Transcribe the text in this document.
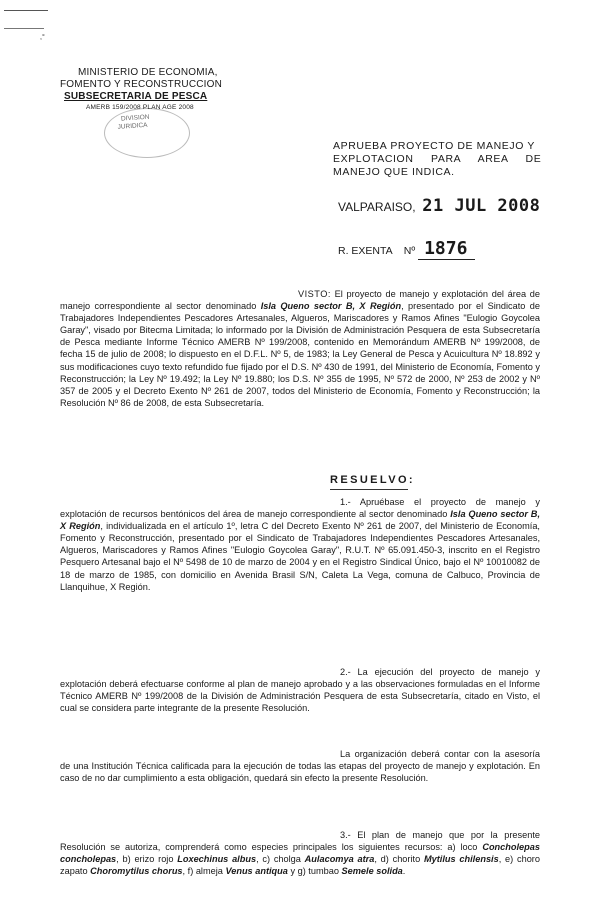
,°
MINISTERIO DE ECONOMIA,
FOMENTO Y RECONSTRUCCION
SUBSECRETARIA DE PESCA
AMERB 159/2008 PLAN AGE 2008
DIVISION
JURIDICA
APRUEBA PROYECTO DE MANEJO Y
EXPLOTACION PARA AREA DE
MANEJO QUE INDICA.
VALPARAISO, 21 JUL 2008
R. EXENTA Nº 1876
VISTO: El proyecto de manejo y explotación del área de manejo correspondiente al sector denominado Isla Queno sector B, X Región, presentado por el Sindicato de Trabajadores Independientes Pescadores Artesanales, Algueros, Mariscadores y Ramos Afines "Eulogio Goycolea Garay", visado por Bitecma Limitada; lo informado por la División de Administración Pesquera de esta Subsecretaría de Pesca mediante Informe Técnico AMERB Nº 199/2008, contenido en Memorándum AMERB Nº 199/2008, de fecha 15 de julio de 2008; lo dispuesto en el D.F.L. Nº 5, de 1983; la Ley General de Pesca y Acuicultura Nº 18.892 y sus modificaciones cuyo texto refundido fue fijado por el D.S. Nº 430 de 1991, del Ministerio de Economía, Fomento y Reconstrucción; la Ley Nº 19.492; la Ley Nº 19.880; los D.S. Nº 355 de 1995, Nº 572 de 2000, Nº 253 de 2002 y Nº 357 de 2005 y el Decreto Exento Nº 261 de 2007, todos del Ministerio de Economía, Fomento y Reconstrucción; la Resolución Nº 86 de 2008, de esta Subsecretaría.
RESUELVO:
1.- Apruébase el proyecto de manejo y explotación de recursos bentónicos del área de manejo correspondiente al sector denominado Isla Queno sector B, X Región, individualizada en el artículo 1º, letra C del Decreto Exento Nº 261 de 2007, del Ministerio de Economía, Fomento y Reconstrucción, presentado por el Sindicato de Trabajadores Independientes Pescadores Artesanales, Algueros, Mariscadores y Ramos Afines "Eulogio Goycolea Garay", R.U.T. Nº 65.091.450-3, inscrito en el Registro Pesquero Artesanal bajo el Nº 5498 de 10 de marzo de 2004 y en el Registro Sindical Único, bajo el Nº 10010082 de 18 de marzo de 1985, con domicilio en Avenida Brasil S/N, Caleta La Vega, comuna de Calbuco, Provincia de Llanquihue, X Región.
2.- La ejecución del proyecto de manejo y explotación deberá efectuarse conforme al plan de manejo aprobado y a las observaciones formuladas en el Informe Técnico AMERB Nº 199/2008 de la División de Administración Pesquera de esta Subsecretaría, citado en Visto, el cual se considera parte integrante de la presente Resolución.
La organización deberá contar con la asesoría de una Institución Técnica calificada para la ejecución de todas las etapas del proyecto de manejo y explotación. En caso de no dar cumplimiento a esta obligación, quedará sin efecto la presente Resolución.
3.- El plan de manejo que por la presente Resolución se autoriza, comprenderá como especies principales los siguientes recursos: a) loco Concholepas concholepas, b) erizo rojo Loxechinus albus, c) cholga Aulacomya atra, d) chorito Mytilus chilensis, e) choro zapato Choromytilus chorus, f) almeja Venus antiqua y g) tumbao Semele solida.
